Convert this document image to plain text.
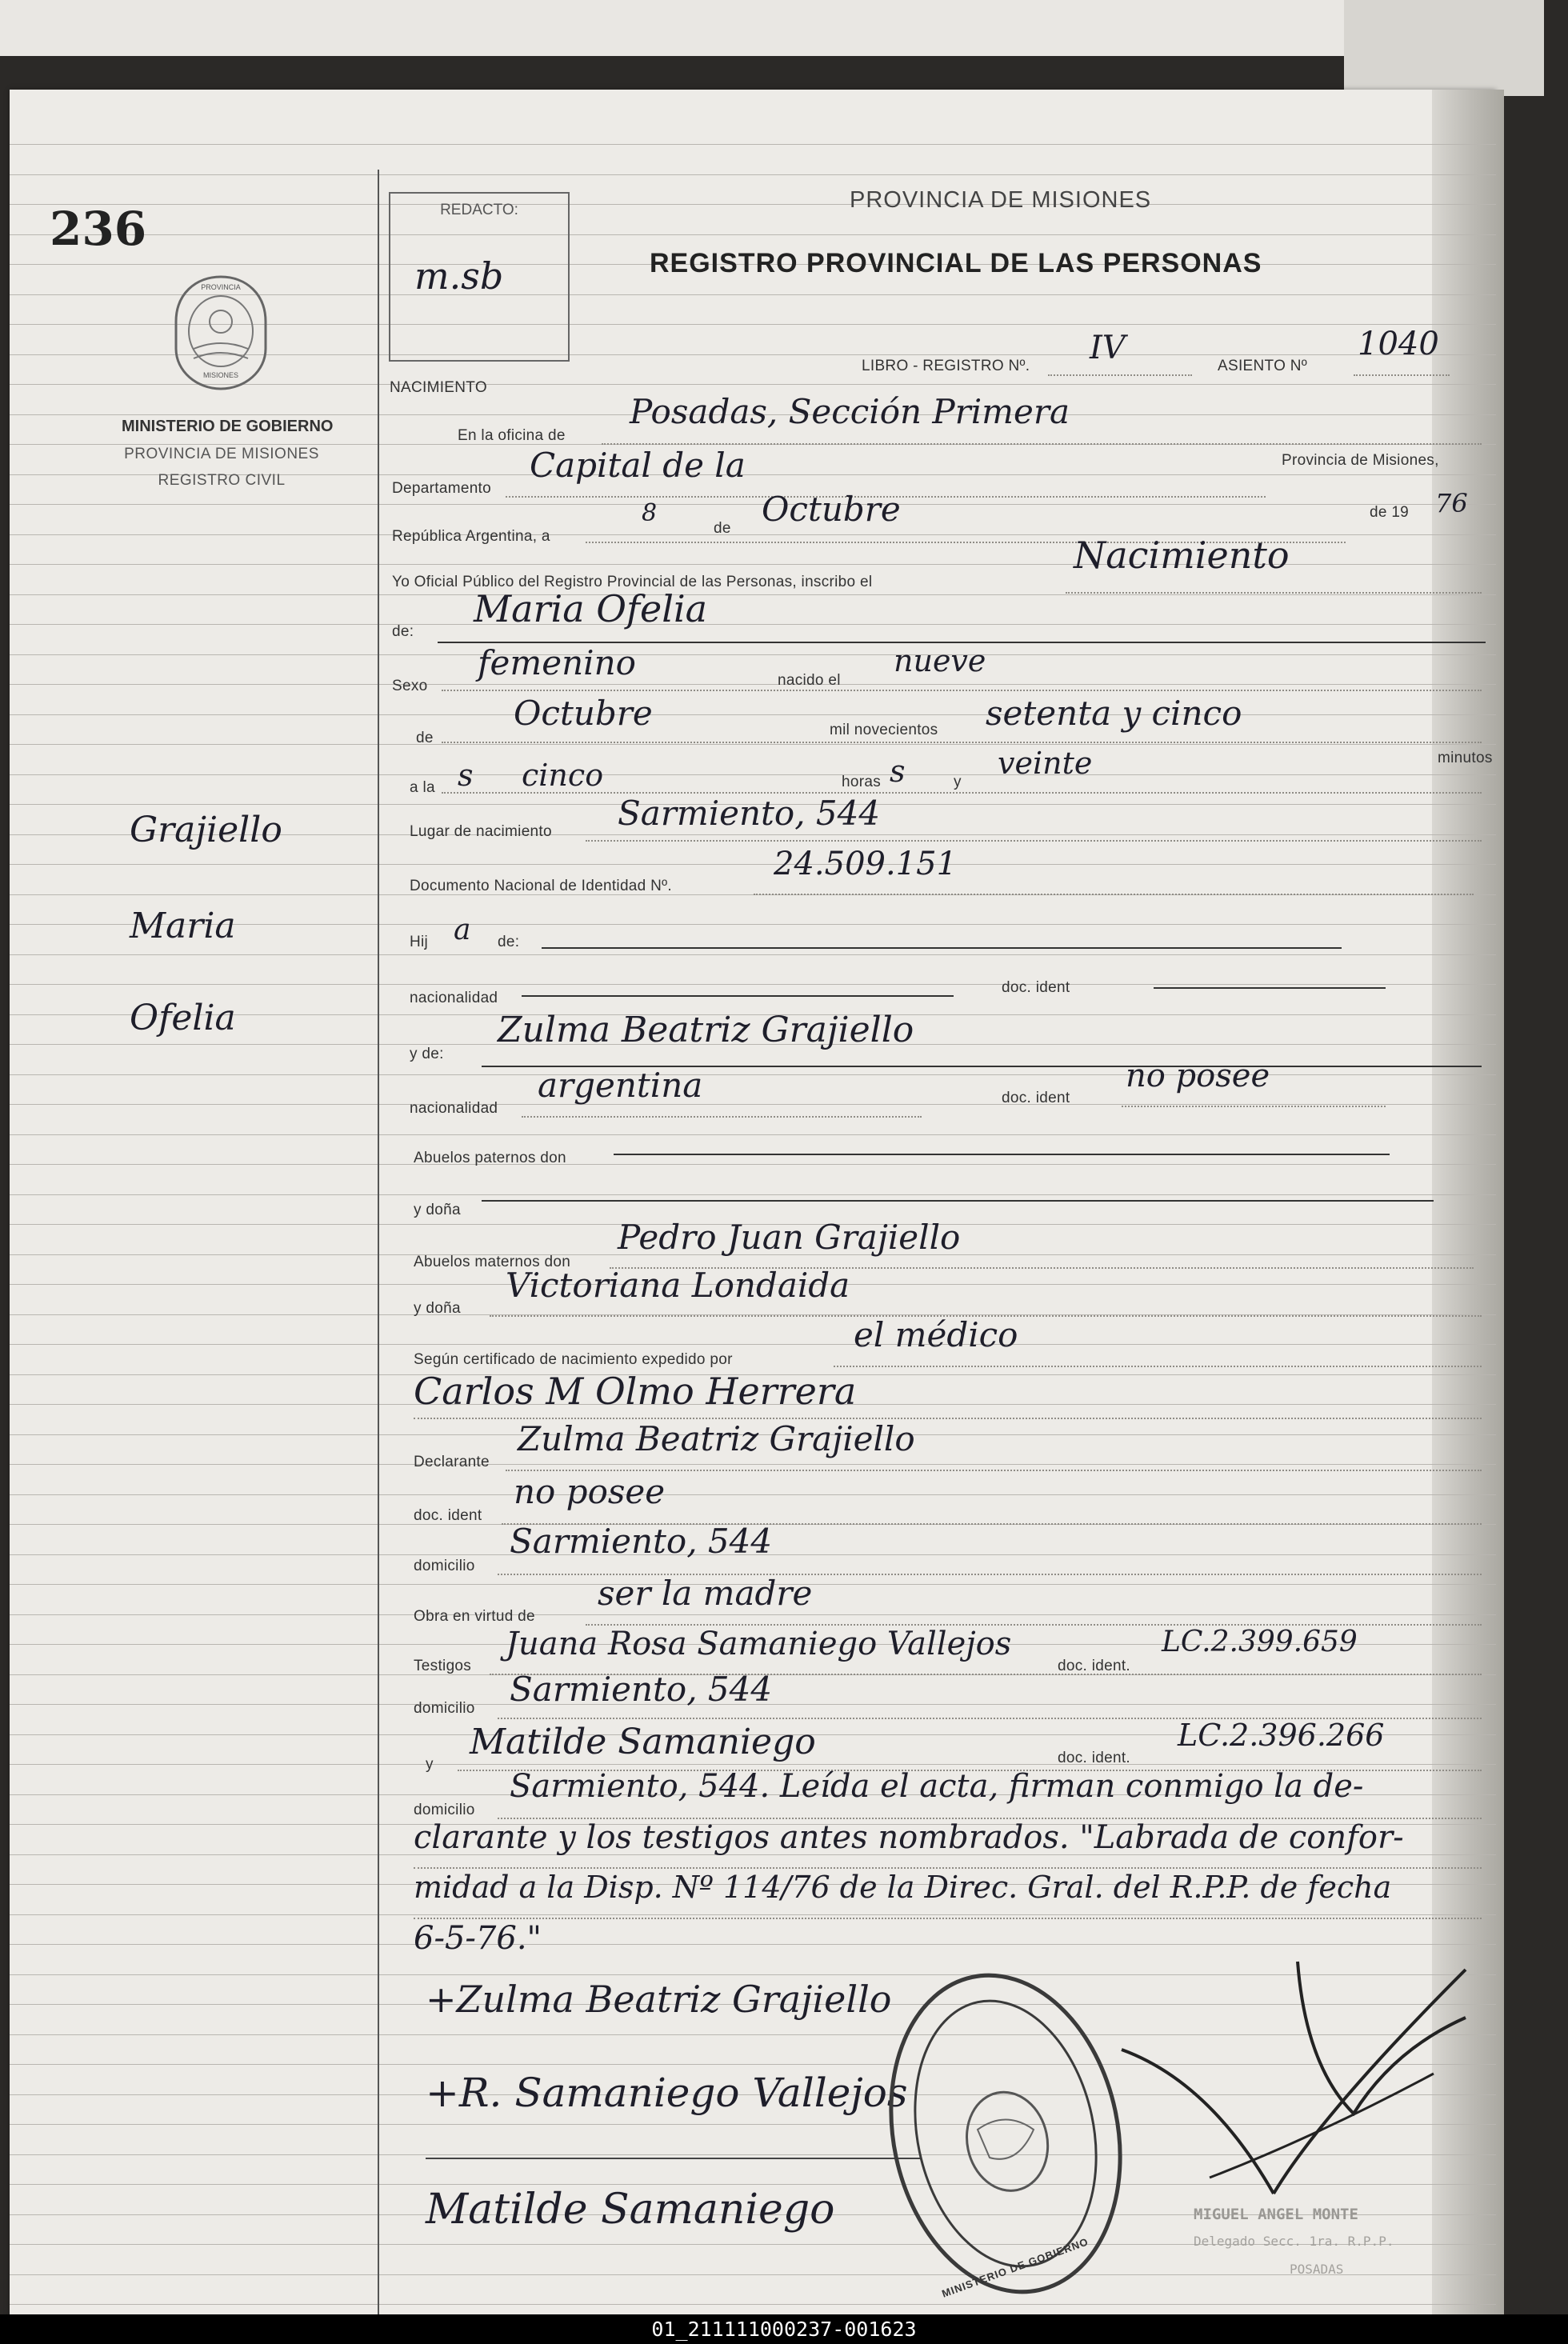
236
PROVINCIA
MISIONES
MINISTERIO DE GOBIERNO
PROVINCIA DE MISIONES
REGISTRO CIVIL
Grajiello
Maria
Ofelia
REDACTO:
m.sb
PROVINCIA DE MISIONES
REGISTRO PROVINCIAL DE LAS PERSONAS
NACIMIENTO
LIBRO - REGISTRO Nº. IV	ASIENTO Nº
1040
En la oficina de
Posadas, Sección Primera
Provincia de Misiones,
Departamento
Capital de la
República Argentina, a
8
de Octubre	de 19 76
Yo Oficial Público del Registro Provincial de las Personas, inscribo el
Nacimiento
de:
Maria Ofelia
Sexo
femenino	nacido el
nueve
de
Octubre	mil novecientos setenta y cinco
minutos
a la s cinco	horas s	y
veinte
Lugar de nacimiento Sarmiento, 544
Documento Nacional de Identidad Nº.
24.509.151
Hij a de:
nacionalidad
doc. ident
y de:
Zulma Beatriz Grajiello
nacionalidad
argentina	doc. ident
no posee
Abuelos paternos don
y doña
Abuelos maternos don
Pedro Juan Grajiello
y doña
Victoriana Londaida
Según certificado de nacimiento expedido por
el médico
Carlos M Olmo Herrera
Declarante
Zulma Beatriz Grajiello
doc. ident
no posee
domicilio
Sarmiento, 544
Obra en virtud de
ser la madre
Testigos
Juana Rosa Samaniego Vallejos
doc. ident.
LC.2.399.659
domicilio Sarmiento, 544
y
Matilde Samaniego	doc. ident.
LC.2.396.266
domicilio
Sarmiento, 544. Leída el acta, firman conmigo la de-
clarante y los testigos antes nombrados. "Labrada de confor-
midad a la Disp. Nº 114/76 de la Direc. Gral. del R.P.P. de fecha
6-5-76."
+Zulma Beatriz Grajiello
+R. Samaniego Vallejos
Matilde Samaniego
MINISTERIO DE GOBIERNO
MIGUEL ANGEL MONTE
Delegado Secc. 1ra. R.P.P.
POSADAS
01_211111000237-001623
